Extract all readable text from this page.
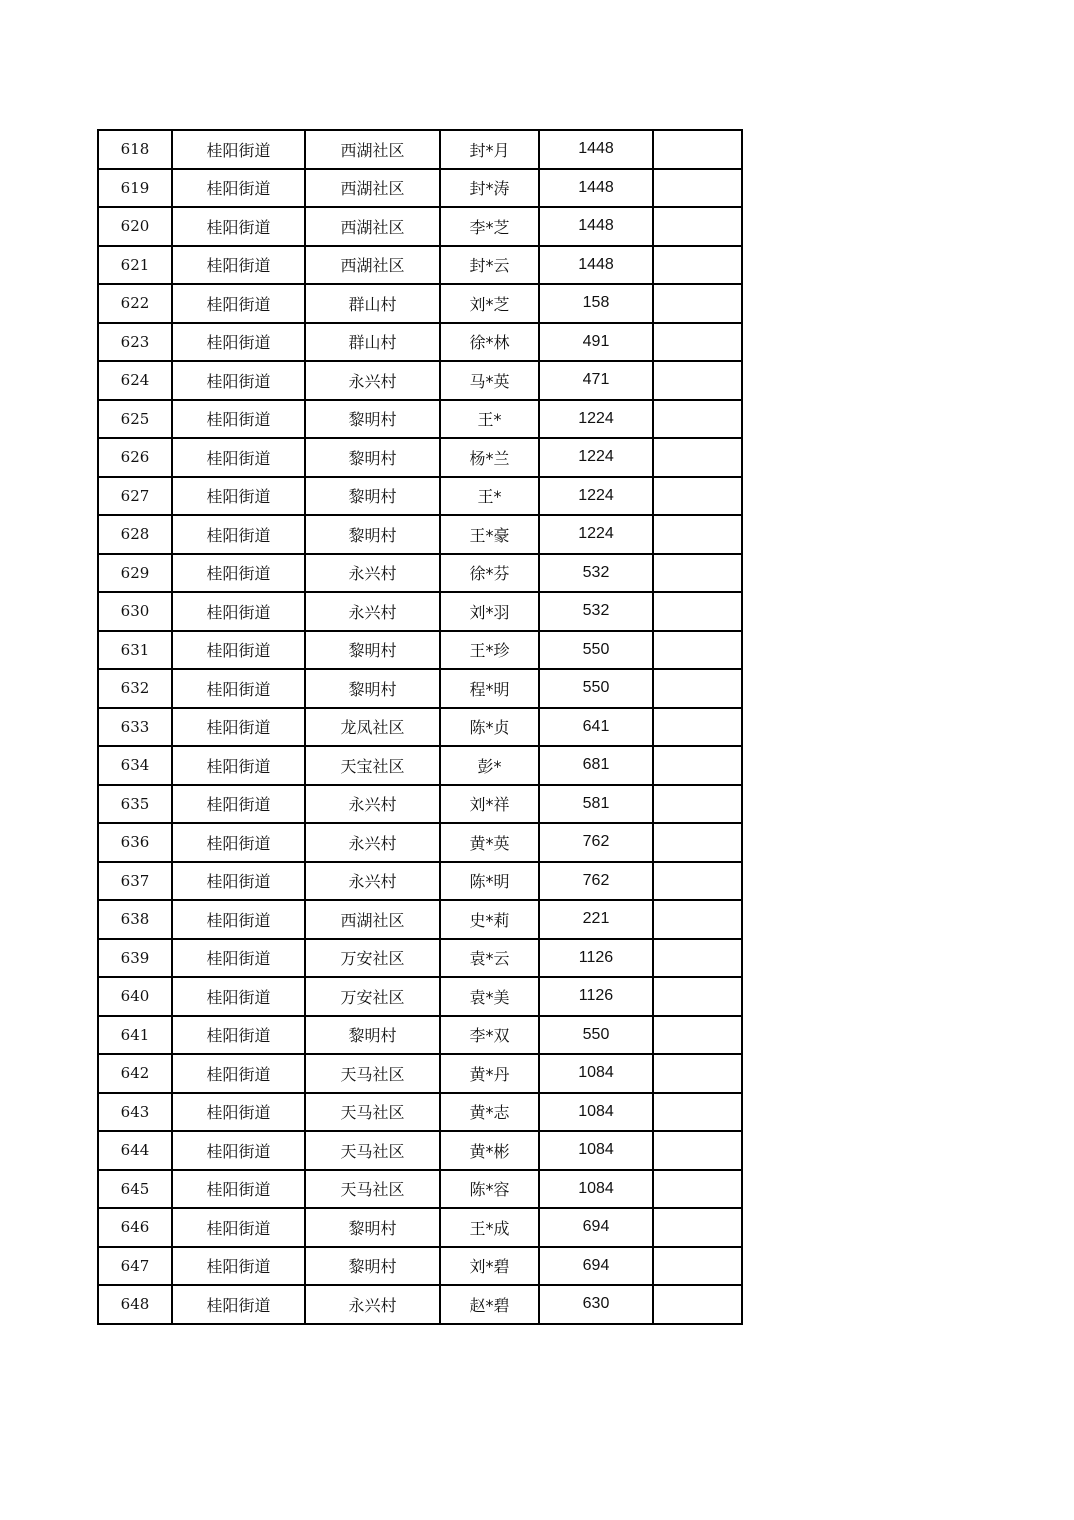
618	桂阳街道	西湖社区	封*月	1448	
619	桂阳街道	西湖社区	封*涛	1448	
620	桂阳街道	西湖社区	李*芝	1448	
621	桂阳街道	西湖社区	封*云	1448	
622	桂阳街道	群山村	刘*芝	158	
623	桂阳街道	群山村	徐*林	491	
624	桂阳街道	永兴村	马*英	471	
625	桂阳街道	黎明村	王*	1224	
626	桂阳街道	黎明村	杨*兰	1224	
627	桂阳街道	黎明村	王*	1224	
628	桂阳街道	黎明村	王*豪	1224	
629	桂阳街道	永兴村	徐*芬	532	
630	桂阳街道	永兴村	刘*羽	532	
631	桂阳街道	黎明村	王*珍	550	
632	桂阳街道	黎明村	程*明	550	
633	桂阳街道	龙凤社区	陈*贞	641	
634	桂阳街道	天宝社区	彭*	681	
635	桂阳街道	永兴村	刘*祥	581	
636	桂阳街道	永兴村	黄*英	762	
637	桂阳街道	永兴村	陈*明	762	
638	桂阳街道	西湖社区	史*莉	221	
639	桂阳街道	万安社区	袁*云	1126	
640	桂阳街道	万安社区	袁*美	1126	
641	桂阳街道	黎明村	李*双	550	
642	桂阳街道	天马社区	黄*丹	1084	
643	桂阳街道	天马社区	黄*志	1084	
644	桂阳街道	天马社区	黄*彬	1084	
645	桂阳街道	天马社区	陈*容	1084	
646	桂阳街道	黎明村	王*成	694	
647	桂阳街道	黎明村	刘*碧	694	
648	桂阳街道	永兴村	赵*碧	630	
